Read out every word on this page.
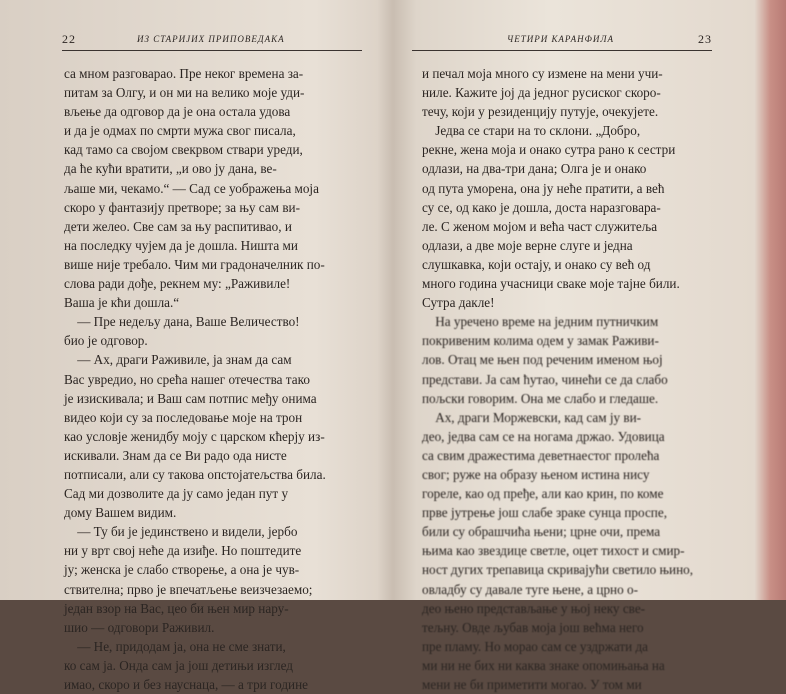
22	ИЗ СТАРИЈИХ ПРИПОВЕДАКА
са мном разговарао. Пре неког времена за-
питам за Олгу, и он ми на велико моје уди-
вљење да одговор да је она остала удова
и да је одмах по смрти мужа свог писала,
кад тамо са својом свекрвом ствари уреди,
да ће кући вратити, „и ово ју дана, ве-
љаше ми, чекамо.“ — Сад се уображења моја
скоро у фантазију претворе; за њу сам ви-
дети желео. Све сам за њу распитивао, и
на последку чујем да је дошла. Ништа ми
више није требало. Чим ми градоначелник по-
слова ради дође, рекнем му: „Раживиле!
Ваша је кћи дошла.“
— Пре недељу дана, Ваше Величество!
био је одговор.
— Ах, драги Раживиле, ја знам да сам
Вас увредио, но срећа нашег отечества тако
је изискивала; и Ваш сам потпис међу онима
видео који су за последовање моје на трон
као условје женидбу моју с царском кћерју из-
искивали. Знам да се Ви радо ода нисте
потписали, али су такова опстојатељства била.
Сад ми дозволите да ју само један пут у
дому Вашем видим.
— Ту би је јединствено и видели, јербо
ни у врт свој неће да изиђе. Но поштедите
ју; женска је слабо створење, а она је чув-
ствителна; прво је впечатљење веизчезаемо;
један взор на Вас, цео би њен мир нару-
шио — одговори Раживил.
— Не, придодам ја, она не сме знати,
ко сам ја. Онда сам ја још детињи изглед
имао, скоро и без науснаца, — а три године
ЧЕТИРИ КАРАНФИЛА	23
и печал моја много су измене на мени учи-
ниле. Кажите јој да једног русиског скоро-
течу, који у резиденцију путује, очекујете.
Једва се стари на то склони. „Добро,
рекне, жена моја и онако сутра рано к сестри
одлази, на два-три дана; Олга је и онако
од пута уморена, она ју неће пратити, а већ
су се, од како је дошла, доста наразговара-
ле. С женом мојом и већа част служитеља
одлази, а две моје верне слуге и једна
слушкавка, који остају, и онако су већ од
много година учасници сваке моје тајне били.
Сутра дакле!
На уречено време на једним путничким
покривеним колима одем у замак Раживи-
лов. Отац ме њен под реченим именом њој
представи. Ја сам ћутао, чинећи се да слабо
пољски говорим. Она ме слабо и гледаше.
Ах, драги Моржевски, кад сам ју ви-
део, једва сам се на ногама држао. Удовица
са свим дражестима деветнаестог пролећа
свог; руже на образу њеном истина нису
гореле, као од пређе, али као крин, по коме
прве јутрење још слабе зраке сунца проспе,
били су обрашчића њени; црне очи, према
њима као звездице светле, оцет тихост и смир-
ност дугих трепавица скриваjући светило њино,
овладбу су давале туге њене, а црно о-
део њено представљање у њој неку све-
тељну. Овде љубав моја још већма него
пре пламу. Но морао сам се уздржати да
ми ни не бих ни каква знаке опомињања на
мени не би приметити могао. У том ми
